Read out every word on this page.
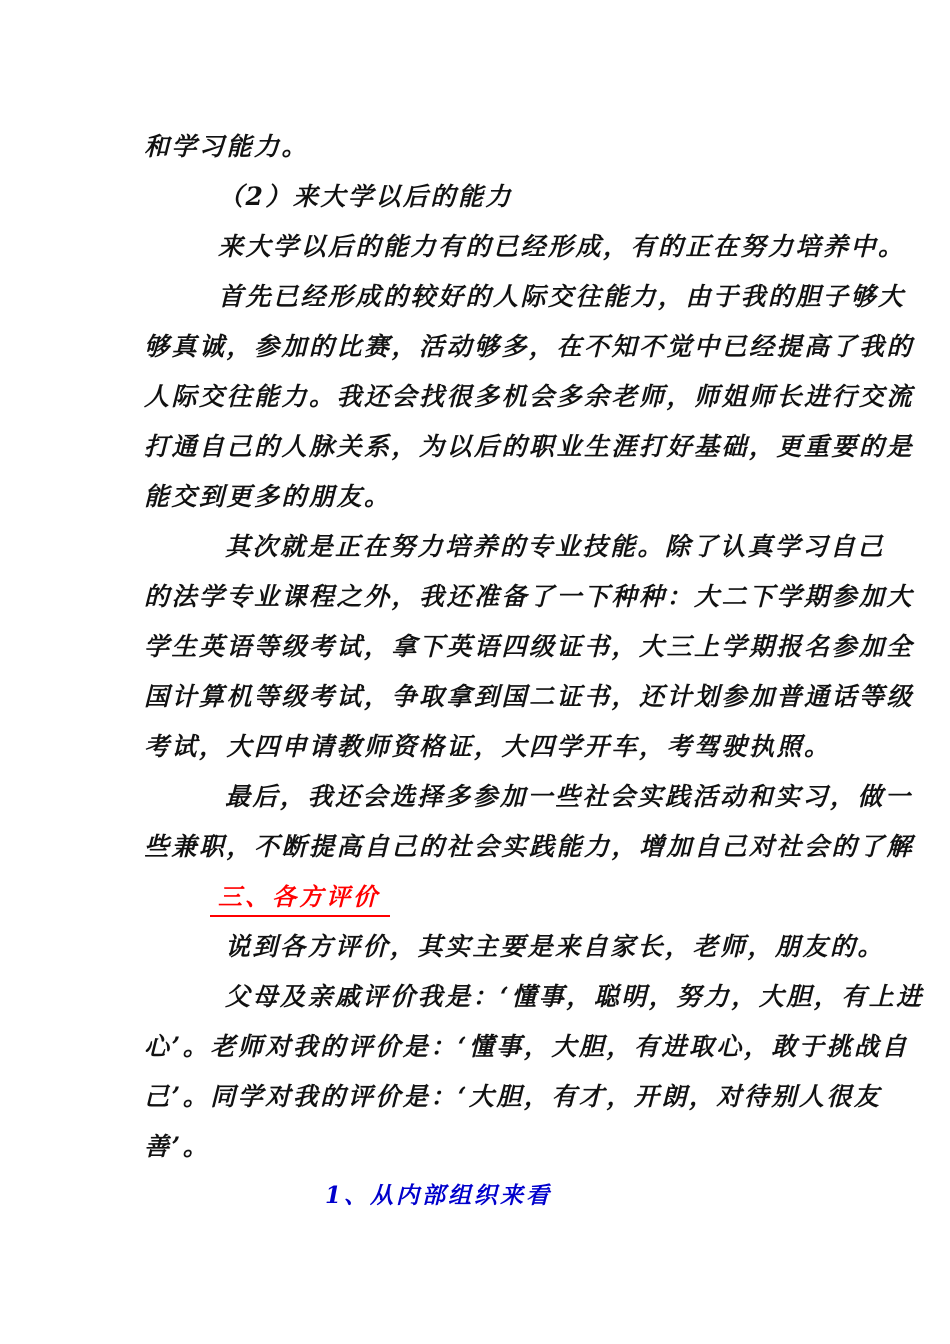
和学习能力。
（2）来大学以后的能力
来大学以后的能力有的已经形成，有的正在努力培养中。
首先已经形成的较好的人际交往能力，由于我的胆子够大
够真诚，参加的比赛，活动够多，在不知不觉中已经提高了我的
人际交往能力。我还会找很多机会多余老师，师姐师长进行交流
打通自己的人脉关系，为以后的职业生涯打好基础，更重要的是
能交到更多的朋友。
其次就是正在努力培养的专业技能。除了认真学习自己
的法学专业课程之外，我还准备了一下种种：大二下学期参加大
学生英语等级考试，拿下英语四级证书，大三上学期报名参加全
国计算机等级考试，争取拿到国二证书，还计划参加普通话等级
考试，大四申请教师资格证，大四学开车，考驾驶执照。
最后，我还会选择多参加一些社会实践活动和实习，做一
些兼职，不断提高自己的社会实践能力，增加自己对社会的了解
三、各方评价
说到各方评价，其实主要是来自家长，老师，朋友的。
父母及亲戚评价我是：‘懂事，聪明，努力，大胆，有上进
心’。老师对我的评价是：‘懂事，大胆，有进取心，敢于挑战自
己’。同学对我的评价是：‘大胆，有才，开朗，对待别人很友
善’。
1、从内部组织来看
